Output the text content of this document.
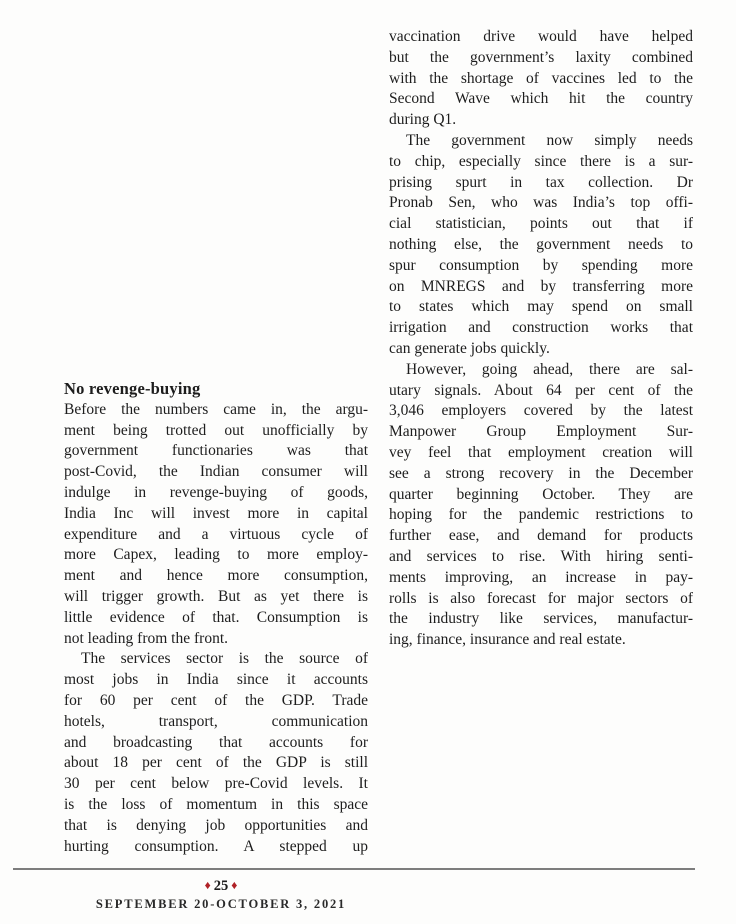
No revenge-buying
Before the numbers came in, the argu-
ment being trotted out unofficially by
government functionaries was that
post-Covid, the Indian consumer will
indulge in revenge-buying of goods,
India Inc will invest more in capital
expenditure and a virtuous cycle of
more Capex, leading to more employ-
ment and hence more consumption,
will trigger growth. But as yet there is
little evidence of that. Consumption is
not leading from the front.
The services sector is the source of
most jobs in India since it accounts
for 60 per cent of the GDP. Trade
hotels, transport, communication
and broadcasting that accounts for
about 18 per cent of the GDP is still
30 per cent below pre-Covid levels. It
is the loss of momentum in this space
that is denying job opportunities and
hurting consumption. A stepped up
vaccination drive would have helped
but the government’s laxity combined
with the shortage of vaccines led to the
Second Wave which hit the country
during Q1.
The government now simply needs
to chip, especially since there is a sur-
prising spurt in tax collection. Dr
Pronab Sen, who was India’s top offi-
cial statistician, points out that if
nothing else, the government needs to
spur consumption by spending more
on MNREGS and by transferring more
to states which may spend on small
irrigation and construction works that
can generate jobs quickly.
However, going ahead, there are sal-
utary signals. About 64 per cent of the
3,046 employers covered by the latest
Manpower Group Employment Sur-
vey feel that employment creation will
see a strong recovery in the December
quarter beginning October. They are
hoping for the pandemic restrictions to
further ease, and demand for products
and services to rise. With hiring senti-
ments improving, an increase in pay-
rolls is also forecast for major sectors of
the industry like services, manufactur-
ing, finance, insurance and real estate.
♦ 25 ♦
SEPTEMBER 20-OCTOBER 3, 2021
